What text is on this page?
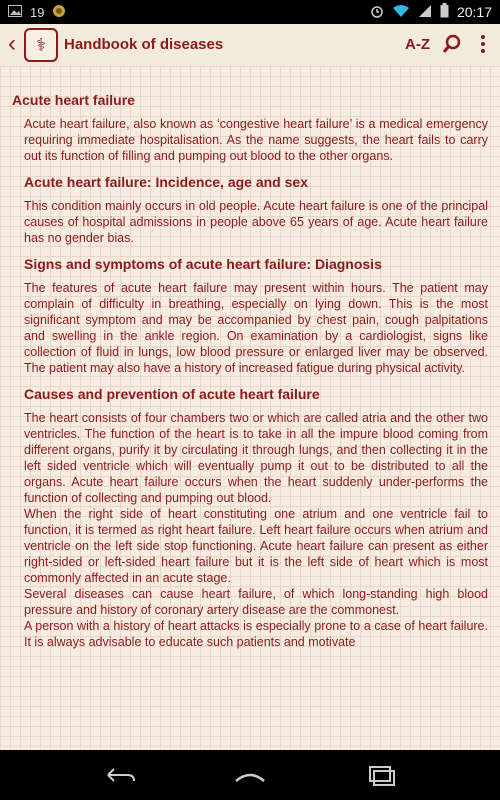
19	20:17
‹	⚕ Handbook of diseases	A-Z
Acute heart failure

Acute heart failure, also known as ‘congestive heart failure’ is a medical emergency requiring immediate hospitalisation. As the name suggests, the heart fails to carry out its function of filling and pumping out blood to the other organs.

Acute heart failure: Incidence, age and sex

This condition mainly occurs in old people. Acute heart failure is one of the principal causes of hospital admissions in people above 65 years of age. Acute heart failure has no gender bias.

Signs and symptoms of acute heart failure: Diagnosis

The features of acute heart failure may present within hours. The patient may complain of difficulty in breathing, especially on lying down. This is the most significant symptom and may be accompanied by chest pain, cough palpitations and swelling in the ankle region. On examination by a cardiologist, signs like collection of fluid in lungs, low blood pressure or enlarged liver may be observed. The patient may also have a history of increased fatigue during physical activity.

Causes and prevention of acute heart failure

The heart consists of four chambers two or which are called atria and the other two ventricles. The function of the heart is to take in all the impure blood coming from different organs, purify it by circulating it through lungs, and then collecting it in the left sided ventricle which will eventually pump it out to be distributed to all the organs. Acute heart failure occurs when the heart suddenly under-performs the function of collecting and pumping out blood.

When the right side of heart constituting one atrium and one ventricle fail to function, it is termed as right heart failure. Left heart failure occurs when atrium and ventricle on the left side stop functioning. Acute heart failure can present as either right-sided or left-sided heart failure but it is the left side of heart which is most commonly affected in an acute stage.

Several diseases can cause heart failure, of which long-standing high blood pressure and history of coronary artery disease are the commonest.

A person with a history of heart attacks is especially prone to a case of heart failure. It is always advisable to educate such patients and motivate
